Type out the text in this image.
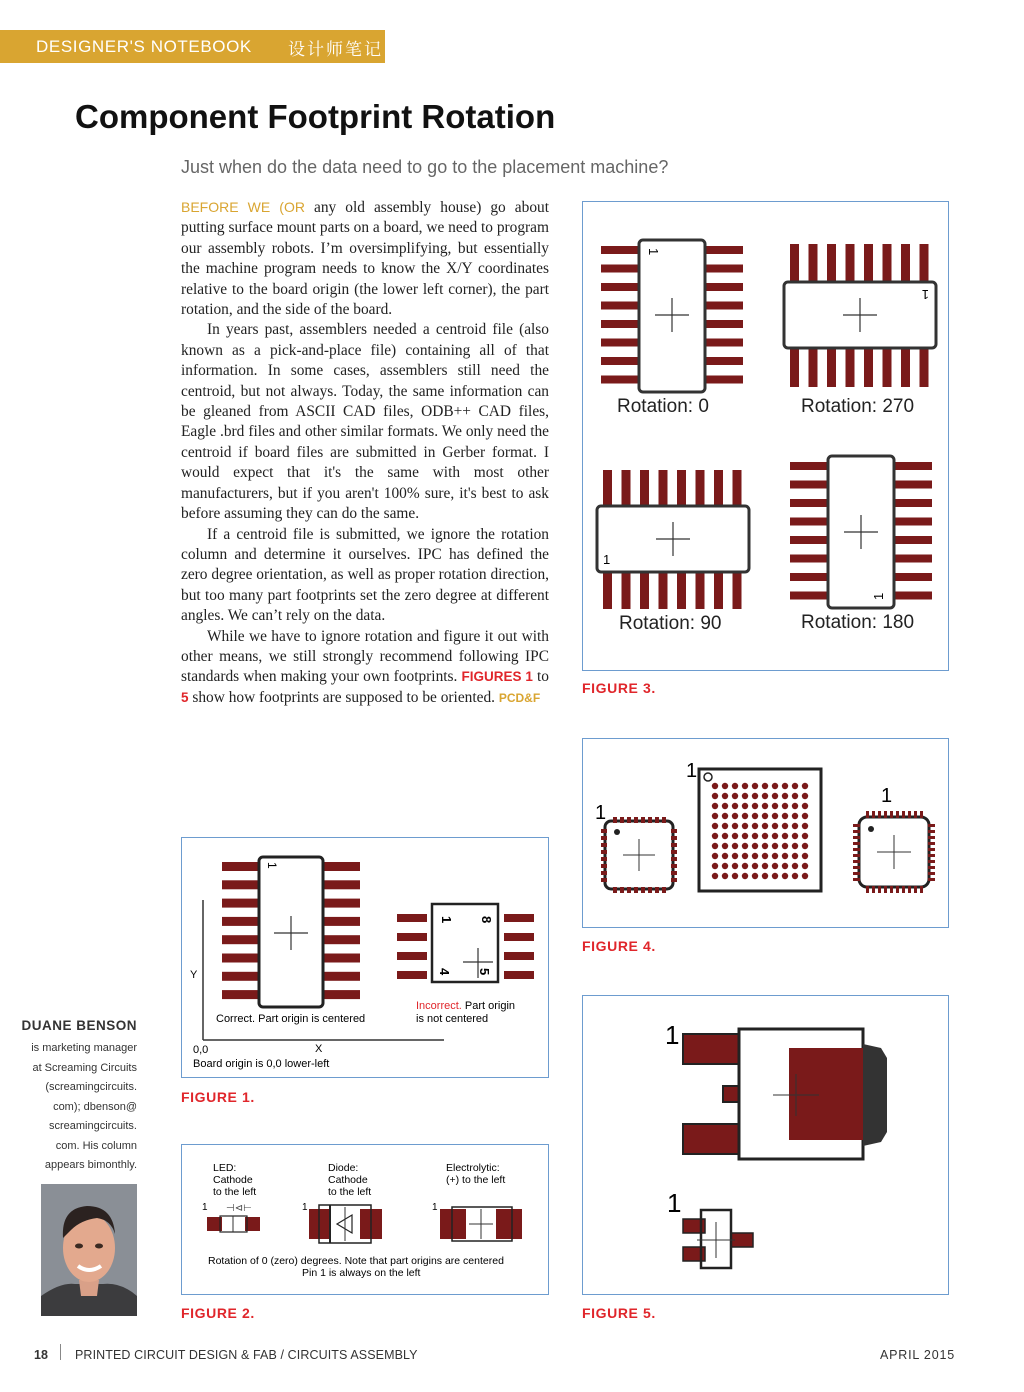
DESIGNER'S NOTEBOOK 设计师笔记
Component Footprint Rotation
Just when do the data need to go to the placement machine?

BEFORE WE (OR any old assembly house) go about putting surface mount parts on a board, we need to program our assembly robots. I’m oversimplifying, but essentially the machine program needs to know the X/Y coordinates relative to the board origin (the lower left corner), the part rotation, and the side of the board.

In years past, assemblers needed a centroid file (also known as a pick-and-place file) containing all of that information. In some cases, assemblers still need the centroid, but not always. Today, the same information can be gleaned from ASCII CAD files, ODB++ CAD files, Eagle .brd files and other similar formats. We only need the centroid if board files are submitted in Gerber format. I would expect that it's the same with most other manufacturers, but if you aren't 100% sure, it's best to ask before assuming they can do the same.

If a centroid file is submitted, we ignore the rotation column and determine it ourselves. IPC has defined the zero degree orientation, as well as proper rotation direction, but too many part footprints set the zero degree at different angles. We can’t rely on the data.

While we have to ignore rotation and figure it out with other means, we still strongly recommend following IPC standards when making your own footprints. FIGURES 1 to 5 show how footprints are supposed to be oriented. PCD&F

1
Rotation: 0
1
Rotation: 270
1
Rotation: 90
1
Rotation: 180
FIGURE 3.
1
1
1
FIGURE 4.
1
1
FIGURE 5.
Y
X
0,0
Board origin is 0,0 lower-left
1
Correct. Part origin is centered
1 8
4 5
Incorrect. Part origin
is not centered
FIGURE 1.
LED:
Cathode
to the left
Diode:
Cathode
to the left
Electrolytic:
(+) to the left
1 ⊣⊲⊢	1	1
Rotation of 0 (zero) degrees. Note that part origins are centered
Pin 1 is always on the left
FIGURE 2.
DUANE BENSON
is marketing manager
at Screaming Circuits
(screamingcircuits.
com); dbenson@
screamingcircuits.
com. His column
appears bimonthly.
18 PRINTED CIRCUIT DESIGN & FAB / CIRCUITS ASSEMBLY	APRIL 2015
